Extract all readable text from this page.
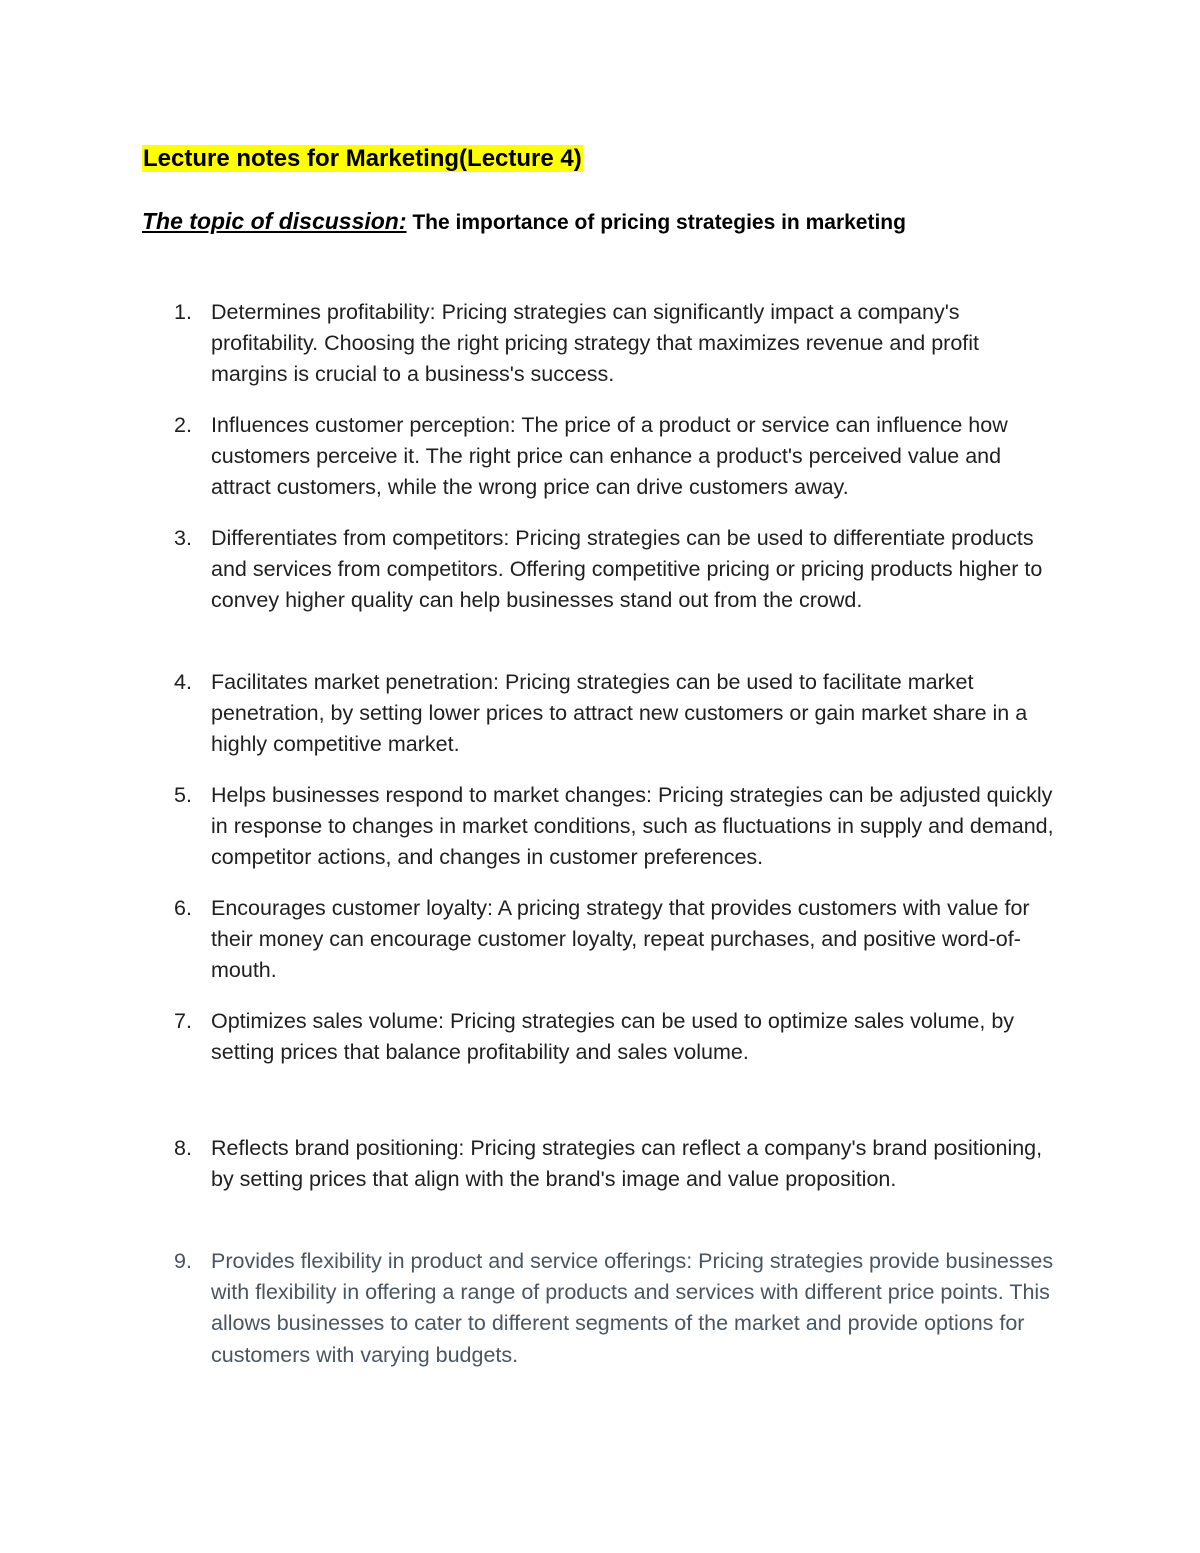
Lecture notes for Marketing(Lecture 4)

The topic of discussion: The importance of pricing strategies in marketing

1. Determines profitability: Pricing strategies can significantly impact a company's profitability. Choosing the right pricing strategy that maximizes revenue and profit margins is crucial to a business's success.

2. Influences customer perception: The price of a product or service can influence how customers perceive it. The right price can enhance a product's perceived value and attract customers, while the wrong price can drive customers away.

3. Differentiates from competitors: Pricing strategies can be used to differentiate products and services from competitors. Offering competitive pricing or pricing products higher to convey higher quality can help businesses stand out from the crowd.

4. Facilitates market penetration: Pricing strategies can be used to facilitate market penetration, by setting lower prices to attract new customers or gain market share in a highly competitive market.

5. Helps businesses respond to market changes: Pricing strategies can be adjusted quickly in response to changes in market conditions, such as fluctuations in supply and demand, competitor actions, and changes in customer preferences.

6. Encourages customer loyalty: A pricing strategy that provides customers with value for their money can encourage customer loyalty, repeat purchases, and positive word-of-mouth.

7. Optimizes sales volume: Pricing strategies can be used to optimize sales volume, by setting prices that balance profitability and sales volume.

8. Reflects brand positioning: Pricing strategies can reflect a company's brand positioning, by setting prices that align with the brand's image and value proposition.

9. Provides flexibility in product and service offerings: Pricing strategies provide businesses with flexibility in offering a range of products and services with different price points. This allows businesses to cater to different segments of the market and provide options for customers with varying budgets.
